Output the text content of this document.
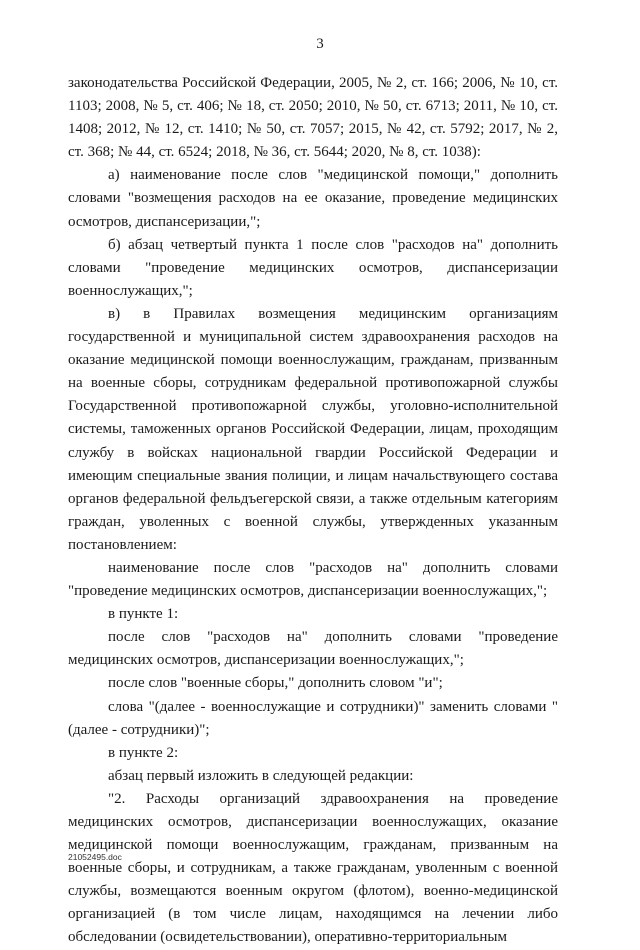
3

законодательства Российской Федерации, 2005, № 2, ст. 166; 2006, № 10, ст. 1103; 2008, № 5, ст. 406; № 18, ст. 2050; 2010, № 50, ст. 6713; 2011, № 10, ст. 1408; 2012, № 12, ст. 1410; № 50, ст. 7057; 2015, № 42, ст. 5792; 2017, № 2, ст. 368; № 44, ст. 6524; 2018, № 36, ст. 5644; 2020, № 8, ст. 1038):

а) наименование после слов "медицинской помощи," дополнить словами "возмещения расходов на ее оказание, проведение медицинских осмотров, диспансеризации,";

б) абзац четвертый пункта 1 после слов "расходов на" дополнить словами "проведение медицинских осмотров, диспансеризации военнослужащих,";

в) в Правилах возмещения медицинским организациям государственной и муниципальной систем здравоохранения расходов на оказание медицинской помощи военнослужащим, гражданам, призванным на военные сборы, сотрудникам федеральной противопожарной службы Государственной противопожарной службы, уголовно-исполнительной системы, таможенных органов Российской Федерации, лицам, проходящим службу в войсках национальной гвардии Российской Федерации и имеющим специальные звания полиции, и лицам начальствующего состава органов федеральной фельдъегерской связи, а также отдельным категориям граждан, уволенных с военной службы, утвержденных указанным постановлением:

наименование после слов "расходов на" дополнить словами "проведение медицинских осмотров, диспансеризации военнослужащих,";

в пункте 1:

после слов "расходов на" дополнить словами "проведение медицинских осмотров, диспансеризации военнослужащих,";

после слов "военные сборы," дополнить словом "и";

слова "(далее - военнослужащие и сотрудники)" заменить словами "(далее - сотрудники)";

в пункте 2:

абзац первый изложить в следующей редакции:

"2. Расходы организаций здравоохранения на проведение медицинских осмотров, диспансеризации военнослужащих, оказание медицинской помощи военнослужащим, гражданам, призванным на военные сборы, и сотрудникам, а также гражданам, уволенным с военной службы, возмещаются военным округом (флотом), военно-медицинской организацией (в том числе лицам, находящимся на лечении либо обследовании (освидетельствовании), оперативно-территориальным

21052495.doc
